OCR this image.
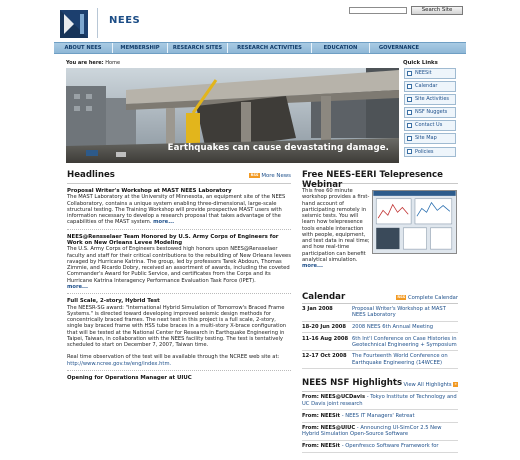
NEES
Search Site
ABOUT NEES	MEMBERSHIP	RESEARCH SITES	RESEARCH ACTIVITIES	EDUCATION	GOVERNANCE
You are here: Home	Quick Links
Earthquakes can cause devastating damage.
NEESit
Calendar
Site Activities
NSF Nuggets
Contact Us
Site Map
Policies
Headlines	RSS More News
Proposal Writer's Workshop at MAST NEES Laboratory
The MAST Laboratory at the University of Minnesota, an equipment site of the NEES Collaboratory, contains a unique system enabling three-dimensional, large-scale structural testing. The Training Workshop will provide prospective MAST users with information necessary to develop a research proposal that takes advantage of the capabilities of the MAST system. more...
NEES@Rensselaer Team Honored by U.S. Army Corps of Engineers for Work on New Orleans Levee Modeling
The U.S. Army Corps of Engineers bestowed high honors upon NEES@Rensselaer faculty and staff for their critical contributions to the rebuilding of New Orleans levees ravaged by Hurricane Katrina. The group, led by professors Tarek Abdoun, Thomas Zimmie, and Ricardo Dobry, received an assortment of awards, including the coveted Commander's Award for Public Service, and certificates from the Corps and its Hurricane Katrina Interagency Performance Evaluation Task Force (IPET).
more...
Full Scale, 2-story, Hybrid Test
The NEESR-SG award: "International Hybrid Simulation of Tomorrow's Braced Frame Systems." is directed toward developing improved seismic design methods for concentrically braced frames. The next test in this project is a full scale, 2-story, single bay braced frame with HSS tube braces in a multi-story X-brace configuration that will be tested at the National Center for Research in Earthquake Engineering in Taipei, Taiwan, in collaboration with the NEES facility testing. The test is tentatively scheduled to start on December 7, 2007, Taiwan time.
Real time observation of the test will be available through the NCREE web site at: http://www.ncree.gov.tw/eng/index.htm.
Opening for Operations Manager at UIUC
Free NEES-EERI Telepresence Webinar
This free 60 minute workshop provides a first-hand account of participating remotely in seismic tests. You will learn how telepresence tools enable interaction with people, equipment, and test data in real time; and how real-time participation can benefit analytical simulation. more...
Calendar	RSS Complete Calendar
3 Jan 2008	Proposal Writer's Workshop at MAST NEES Laboratory
18-20 Jun 2008	2008 NEES 6th Annual Meeting
11-16 Aug 2008 6th Int'l Conference on Case Histories in Geotechnical Engineering + Symposium
12-17 Oct 2008	The Fourteenth World Conference on Earthquake Engineering (14WCEE)
NEES NSF Highlights View All Highlights »
From: NEES@UCDavis - Tokyo Institute of Technology and UC Davis joint research
From: NEESit - NEES IT Managers' Retreat
From: NEES@UIUC - Announcing UI-SimCor 2.5 New Hybrid Simulation Open-Source Software
From: NEESit - Openfresco Software Framework for
